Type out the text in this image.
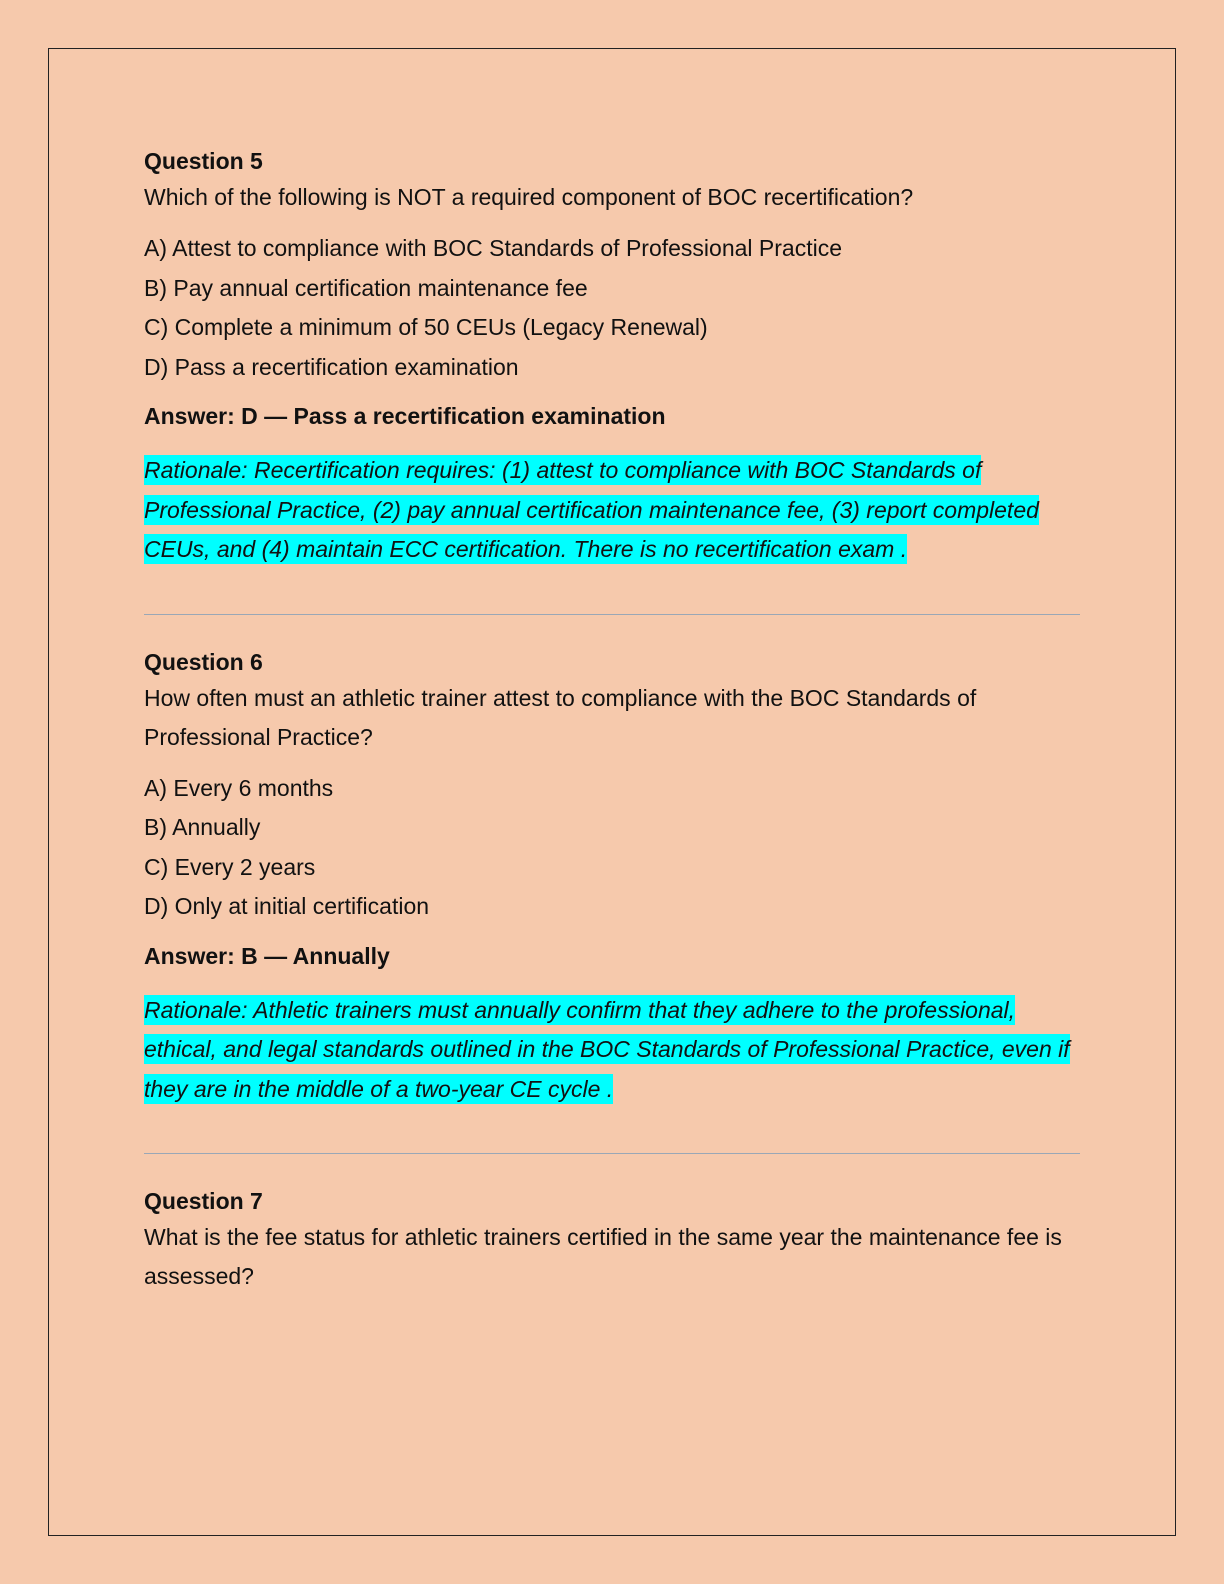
Question 5

Which of the following is NOT a required component of BOC recertification?

A) Attest to compliance with BOC Standards of Professional Practice
B) Pay annual certification maintenance fee
C) Complete a minimum of 50 CEUs (Legacy Renewal)
D) Pass a recertification examination

Answer: D — Pass a recertification examination

Rationale: Recertification requires: (1) attest to compliance with BOC Standards of Professional Practice, (2) pay annual certification maintenance fee, (3) report completed CEUs, and (4) maintain ECC certification. There is no recertification exam .

Question 6

How often must an athletic trainer attest to compliance with the BOC Standards of Professional Practice?

A) Every 6 months
B) Annually
C) Every 2 years
D) Only at initial certification

Answer: B — Annually

Rationale: Athletic trainers must annually confirm that they adhere to the professional, ethical, and legal standards outlined in the BOC Standards of Professional Practice, even if they are in the middle of a two-year CE cycle .

Question 7

What is the fee status for athletic trainers certified in the same year the maintenance fee is assessed?
